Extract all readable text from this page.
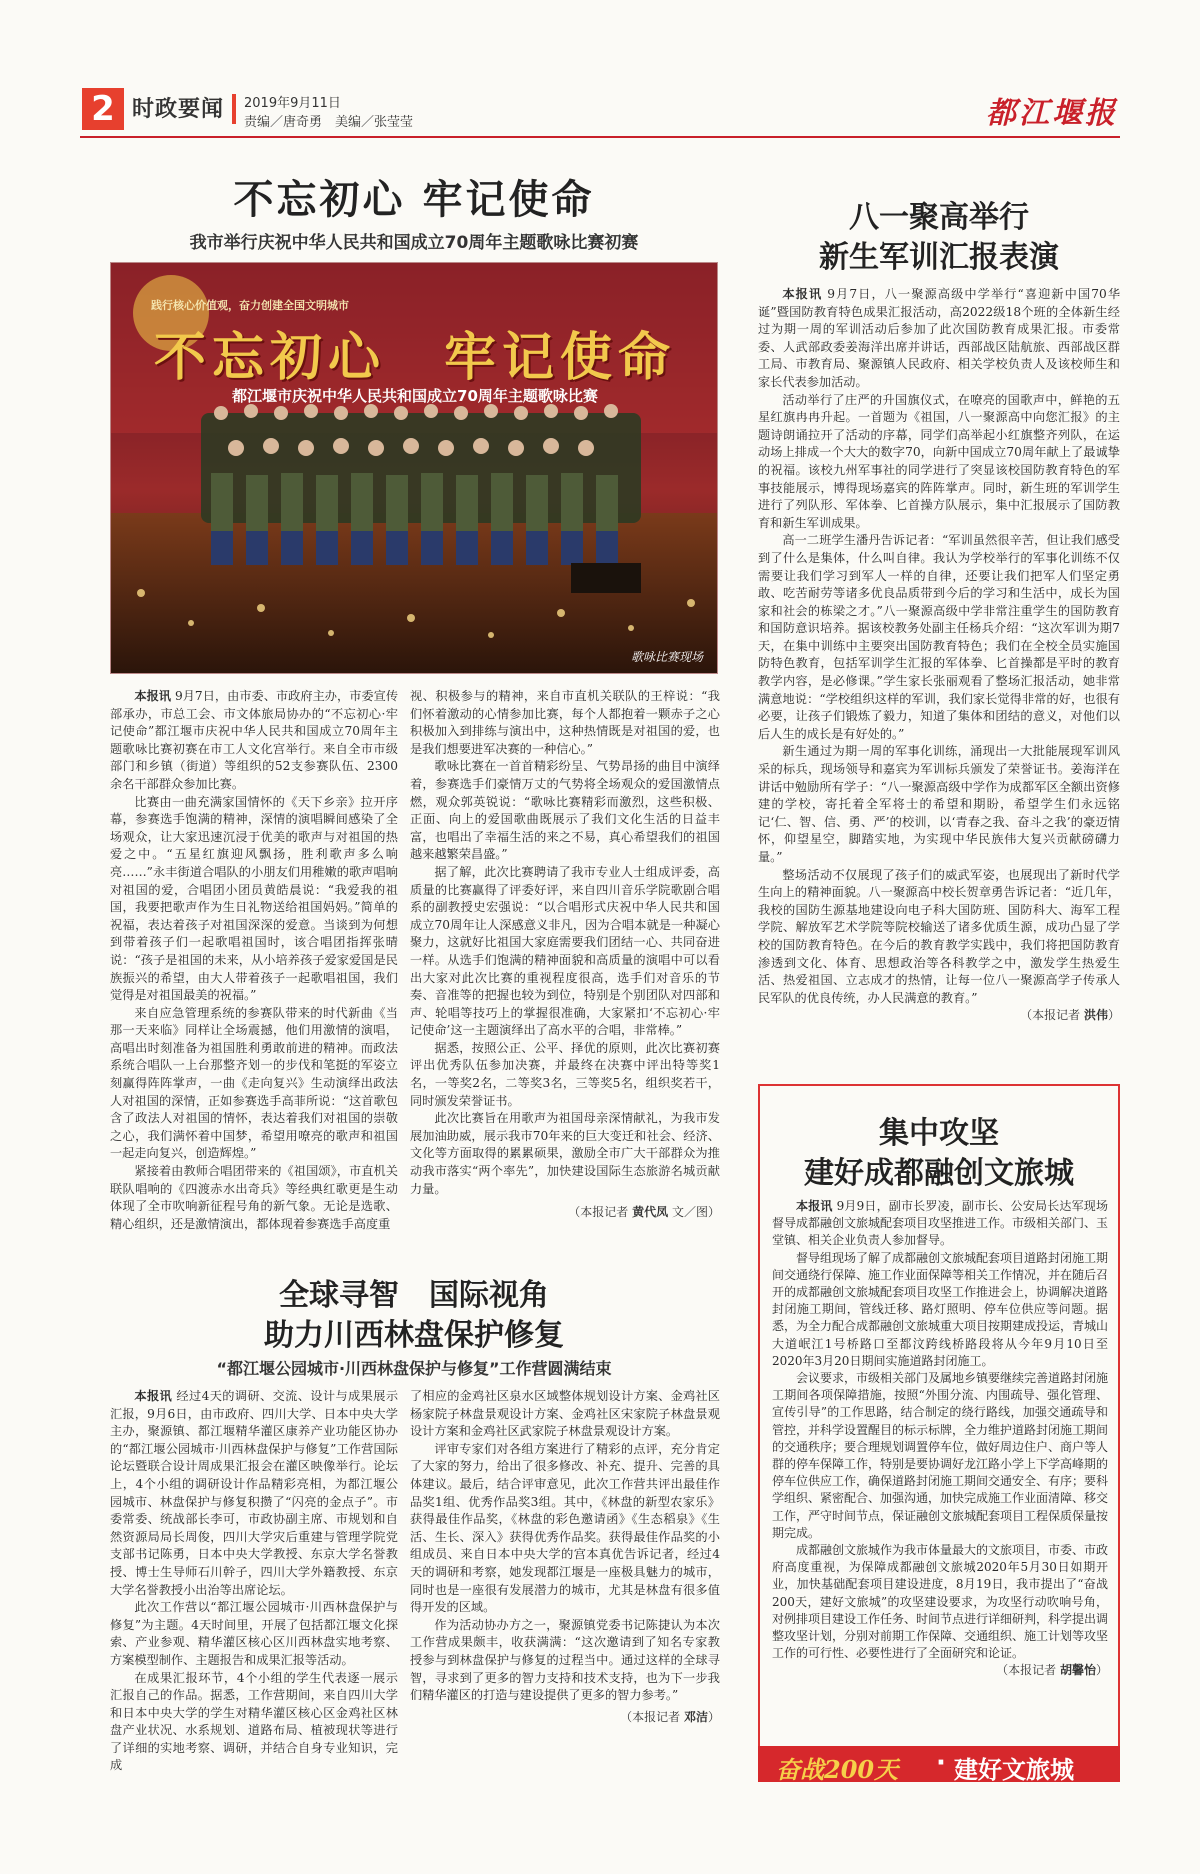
2 时政要闻 2019年9月11日
责编／唐奇勇　美编／张莹莹	都江堰报
不忘初心 牢记使命
我市举行庆祝中华人民共和国成立70周年主题歌咏比赛初赛
践行核心价值观，奋力创建全国文明城市
不忘初心　牢记使命
都江堰市庆祝中华人民共和国成立70周年主题歌咏比赛
歌咏比赛现场

本报讯 9月7日，由市委、市政府主办，市委宣传部承办，市总工会、市文体旅局协办的“不忘初心·牢记使命”都江堰市庆祝中华人民共和国成立70周年主题歌咏比赛初赛在市工人文化宫举行。来自全市市级部门和乡镇（街道）等组织的52支参赛队伍、2300余名干部群众参加比赛。

比赛由一曲充满家国情怀的《天下乡亲》拉开序幕，参赛选手饱满的精神，深情的演唱瞬间感染了全场观众，让大家迅速沉浸于优美的歌声与对祖国的热爱之中。“五星红旗迎风飘扬，胜利歌声多么响亮……”永丰街道合唱队的小朋友们用稚嫩的歌声唱响对祖国的爱，合唱团小团员黄皓晨说：“我爱我的祖国，我要把歌声作为生日礼物送给祖国妈妈。”简单的祝福，表达着孩子对祖国深深的爱意。当谈到为何想到带着孩子们一起歌唱祖国时，该合唱团指挥张晴说：“孩子是祖国的未来，从小培养孩子爱家爱国是民族振兴的希望，由大人带着孩子一起歌唱祖国，我们觉得是对祖国最美的祝福。”

来自应急管理系统的参赛队带来的时代新曲《当那一天来临》同样让全场震撼，他们用激情的演唱，高唱出时刻准备为祖国胜利勇敢前进的精神。而政法系统合唱队一上台那整齐划一的步伐和笔挺的军姿立刻赢得阵阵掌声，一曲《走向复兴》生动演绎出政法人对祖国的深情，正如参赛选手高菲所说：“这首歌包含了政法人对祖国的情怀，表达着我们对祖国的崇敬之心，我们满怀着中国梦，希望用嘹亮的歌声和祖国一起走向复兴，创造辉煌。”

紧接着由教师合唱团带来的《祖国颂》，市直机关联队唱响的《四渡赤水出奇兵》等经典红歌更是生动体现了全市吹响新征程号角的新气象。无论是选歌、精心组织，还是激情演出，都体现着参赛选手高度重

视、积极参与的精神，来自市直机关联队的王梓说：“我们怀着激动的心情参加比赛，每个人都抱着一颗赤子之心积极加入到排练与演出中，这种热情既是对祖国的爱，也是我们想要进军决赛的一种信心。”

歌咏比赛在一首首精彩纷呈、气势昂扬的曲目中演绎着，参赛选手们豪情万丈的气势将全场观众的爱国激情点燃，观众郭英锐说：“歌咏比赛精彩而激烈，这些积极、正面、向上的爱国歌曲既展示了我们文化生活的日益丰富，也唱出了幸福生活的来之不易，真心希望我们的祖国越来越繁荣昌盛。”

据了解，此次比赛聘请了我市专业人士组成评委，高质量的比赛赢得了评委好评，来自四川音乐学院歌剧合唱系的副教授史宏强说：“以合唱形式庆祝中华人民共和国成立70周年让人深感意义非凡，因为合唱本就是一种凝心聚力，这就好比祖国大家庭需要我们团结一心、共同奋进一样。从选手们饱满的精神面貌和高质量的演唱中可以看出大家对此次比赛的重视程度很高，选手们对音乐的节奏、音准等的把握也较为到位，特别是个别团队对四部和声、轮唱等技巧上的掌握很准确，大家紧扣‘不忘初心·牢记使命’这一主题演绎出了高水平的合唱，非常棒。”

据悉，按照公正、公平、择优的原则，此次比赛初赛评出优秀队伍参加决赛，并最终在决赛中评出特等奖1名，一等奖2名，二等奖3名，三等奖5名，组织奖若干，同时颁发荣誉证书。

此次比赛旨在用歌声为祖国母亲深情献礼，为我市发展加油助威，展示我市70年来的巨大变迁和社会、经济、文化等方面取得的累累硕果，激励全市广大干部群众为推动我市落实“两个率先”，加快建设国际生态旅游名城贡献力量。

（本报记者 黄代凤 文／图）
八一聚高举行
新生军训汇报表演

本报讯 9月7日，八一聚源高级中学举行“喜迎新中国70华诞”暨国防教育特色成果汇报活动，高2022级18个班的全体新生经过为期一周的军训活动后参加了此次国防教育成果汇报。市委常委、人武部政委姜海洋出席并讲话，西部战区陆航旅、西部战区群工局、市教育局、聚源镇人民政府、相关学校负责人及该校师生和家长代表参加活动。

活动举行了庄严的升国旗仪式，在嘹亮的国歌声中，鲜艳的五星红旗冉冉升起。一首题为《祖国，八一聚源高中向您汇报》的主题诗朗诵拉开了活动的序幕，同学们高举起小红旗整齐列队，在运动场上排成一个大大的数字70，向新中国成立70周年献上了最诚挚的祝福。该校九州军事社的同学进行了突显该校国防教育特色的军事技能展示，博得现场嘉宾的阵阵掌声。同时，新生班的军训学生进行了列队形、军体拳、匕首操方队展示，集中汇报展示了国防教育和新生军训成果。

高一二班学生潘丹告诉记者：“军训虽然很辛苦，但让我们感受到了什么是集体，什么叫自律。我认为学校举行的军事化训练不仅需要让我们学习到军人一样的自律，还要让我们把军人们坚定勇敢、吃苦耐劳等诸多优良品质带到今后的学习和生活中，成长为国家和社会的栋梁之才。”八一聚源高级中学非常注重学生的国防教育和国防意识培养。据该校教务处副主任杨兵介绍：“这次军训为期7天，在集中训练中主要突出国防教育特色；我们在全校全员实施国防特色教育，包括军训学生汇报的军体拳、匕首操都是平时的教育教学内容，是必修课。”学生家长张丽观看了整场汇报活动，她非常满意地说：“学校组织这样的军训，我们家长觉得非常的好，也很有必要，让孩子们锻炼了毅力，知道了集体和团结的意义，对他们以后人生的成长是有好处的。”

新生通过为期一周的军事化训练，涌现出一大批能展现军训风采的标兵，现场领导和嘉宾为军训标兵颁发了荣誉证书。姜海洋在讲话中勉励所有学子：“八一聚源高级中学作为成都军区全额出资修建的学校，寄托着全军将士的希望和期盼，希望学生们永远铭记‘仁、智、信、勇、严’的校训，以‘青春之我、奋斗之我’的豪迈情怀，仰望星空，脚踏实地，为实现中华民族伟大复兴贡献磅礴力量。”

整场活动不仅展现了孩子们的威武军姿，也展现出了新时代学生向上的精神面貌。八一聚源高中校长贺章勇告诉记者：“近几年，我校的国防生源基地建设向电子科大国防班、国防科大、海军工程学院、解放军艺术学院等院校输送了诸多优质生源，成功凸显了学校的国防教育特色。在今后的教育教学实践中，我们将把国防教育渗透到文化、体育、思想政治等各科教学之中，激发学生热爱生活、热爱祖国、立志成才的热情，让每一位八一聚源高学子传承人民军队的优良传统，办人民满意的教育。”

（本报记者 洪伟）
全球寻智　国际视角
助力川西林盘保护修复
“都江堰公园城市·川西林盘保护与修复”工作营圆满结束

本报讯 经过4天的调研、交流、设计与成果展示汇报，9月6日，由市政府、四川大学、日本中央大学主办，聚源镇、都江堰精华灌区康养产业功能区协办的“都江堰公园城市·川西林盘保护与修复”工作营国际论坛暨联合设计周成果汇报会在灌区映像举行。论坛上，4个小组的调研设计作品精彩亮相，为都江堰公园城市、林盘保护与修复积攒了“闪亮的金点子”。市委常委、统战部长李可，市政协副主席、市规划和自然资源局局长周俊，四川大学灾后重建与管理学院党支部书记陈勇，日本中央大学教授、东京大学名誉教授、博士生导师石川幹子，四川大学外籍教授、东京大学名誉教授小出治等出席论坛。

此次工作营以“都江堰公园城市·川西林盘保护与修复”为主题。4天时间里，开展了包括都江堰文化探索、产业参观、精华灌区核心区川西林盘实地考察、方案模型制作、主题报告和成果汇报等活动。

在成果汇报环节，4个小组的学生代表逐一展示汇报自己的作品。据悉，工作营期间，来自四川大学和日本中央大学的学生对精华灌区核心区金鸡社区林盘产业状况、水系规划、道路布局、植被现状等进行了详细的实地考察、调研，并结合自身专业知识，完成

了相应的金鸡社区泉水区域整体规划设计方案、金鸡社区杨家院子林盘景观设计方案、金鸡社区宋家院子林盘景观设计方案和金鸡社区武家院子林盘景观设计方案。

评审专家们对各组方案进行了精彩的点评，充分肯定了大家的努力，给出了很多修改、补充、提升、完善的具体建议。最后，结合评审意见，此次工作营共评出最佳作品奖1组、优秀作品奖3组。其中，《林盘的新型农家乐》获得最佳作品奖，《林盘的彩色邀请函》《生态稻泉》《生活、生长、深入》获得优秀作品奖。获得最佳作品奖的小组成员、来自日本中央大学的宫本真优告诉记者，经过4天的调研和考察，她发现都江堰是一座极具魅力的城市，同时也是一座很有发展潜力的城市，尤其是林盘有很多值得开发的区域。

作为活动协办方之一，聚源镇党委书记陈捷认为本次工作营成果颇丰，收获满满：“这次邀请到了知名专家教授参与到林盘保护与修复的过程当中。通过这样的全球寻智，寻求到了更多的智力支持和技术支持，也为下一步我们精华灌区的打造与建设提供了更多的智力参考。”

（本报记者 邓洁）
集中攻坚
建好成都融创文旅城

本报讯 9月9日，副市长罗凌，副市长、公安局长达军现场督导成都融创文旅城配套项目攻坚推进工作。市级相关部门、玉堂镇、相关企业负责人参加督导。

督导组现场了解了成都融创文旅城配套项目道路封闭施工期间交通绕行保障、施工作业面保障等相关工作情况，并在随后召开的成都融创文旅城配套项目攻坚工作推进会上，协调解决道路封闭施工期间，管线迁移、路灯照明、停车位供应等问题。据悉，为全力配合成都融创文旅城重大项目按期建成投运，青城山大道岷江1号桥路口至都汶跨线桥路段将从今年9月10日至2020年3月20日期间实施道路封闭施工。

会议要求，市级相关部门及属地乡镇要继续完善道路封闭施工期间各项保障措施，按照“外围分流、内围疏导、强化管理、宣传引导”的工作思路，结合制定的绕行路线，加强交通疏导和管控，并科学设置醒目的标示标牌，全力维护道路封闭施工期间的交通秩序；要合理规划调置停车位，做好周边住户、商户等人群的停车保障工作，特别是要协调好龙江路小学上下学高峰期的停车位供应工作，确保道路封闭施工期间交通安全、有序；要科学组织、紧密配合、加强沟通，加快完成施工作业面清障、移交工作，严守时间节点，保证融创文旅城配套项目工程保质保量按期完成。

成都融创文旅城作为我市体量最大的文旅项目，市委、市政府高度重视，为保障成都融创文旅城2020年5月30日如期开业，加快基础配套项目建设进度，8月19日，我市提出了“奋战200天，建好文旅城”的攻坚建设要求，为攻坚行动吹响号角，对例排项目建设工作任务、时间节点进行详细研判，科学提出调整攻坚计划，分别对前期工作保障、交通组织、施工计划等攻坚工作的可行性、必要性进行了全面研究和论证。

（本报记者 胡馨怡）
奋战200天 · 建好文旅城
